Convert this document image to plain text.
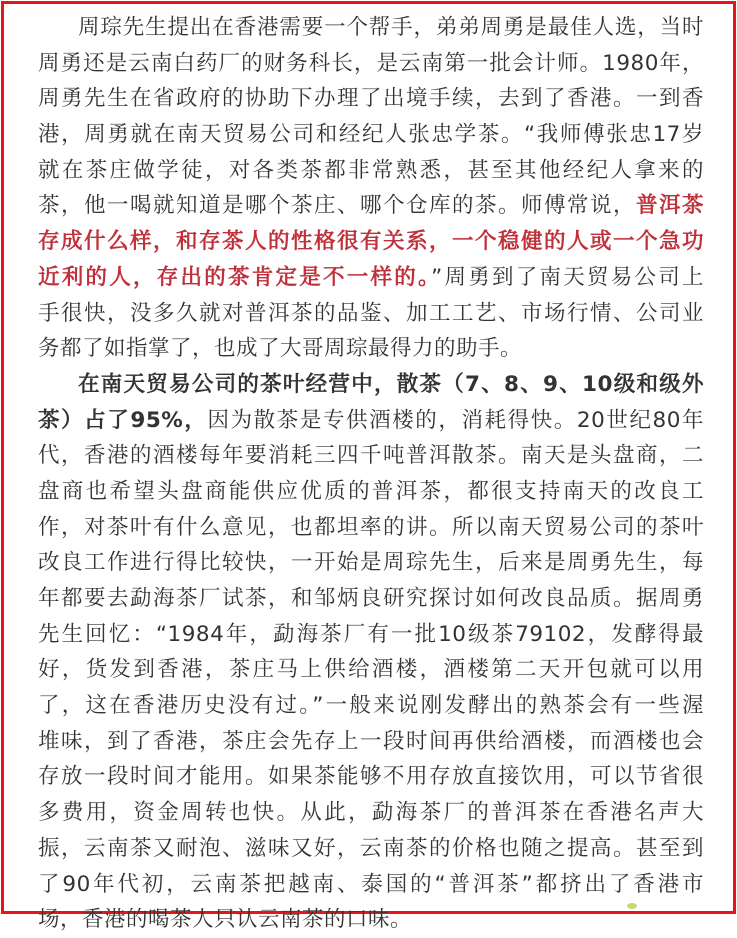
周琮先生提出在香港需要一个帮手，弟弟周勇是最佳人选，当时
周勇还是云南白药厂的财务科长，是云南第一批会计师。1980年，
周勇先生在省政府的协助下办理了出境手续，去到了香港。一到香
港，周勇就在南天贸易公司和经纪人张忠学茶。“我师傅张忠17岁
就在茶庄做学徒，对各类茶都非常熟悉，甚至其他经纪人拿来的
茶，他一喝就知道是哪个茶庄、哪个仓库的茶。师傅常说，普洱茶
存成什么样，和存茶人的性格很有关系，一个稳健的人或一个急功
近利的人，存出的茶肯定是不一样的。”周勇到了南天贸易公司上
手很快，没多久就对普洱茶的品鉴、加工工艺、市场行情、公司业
务都了如指掌了，也成了大哥周琮最得力的助手。
在南天贸易公司的茶叶经营中，散茶（7、8、9、10级和级外
茶）占了95%，因为散茶是专供酒楼的，消耗得快。20世纪80年
代，香港的酒楼每年要消耗三四千吨普洱散茶。南天是头盘商，二
盘商也希望头盘商能供应优质的普洱茶，都很支持南天的改良工
作，对茶叶有什么意见，也都坦率的讲。所以南天贸易公司的茶叶
改良工作进行得比较快，一开始是周琮先生，后来是周勇先生，每
年都要去勐海茶厂试茶，和邹炳良研究探讨如何改良品质。据周勇
先生回忆：“1984年，勐海茶厂有一批10级茶79102，发酵得最
好，货发到香港，茶庄马上供给酒楼，酒楼第二天开包就可以用
了，这在香港历史没有过。”一般来说刚发酵出的熟茶会有一些渥
堆味，到了香港，茶庄会先存上一段时间再供给酒楼，而酒楼也会
存放一段时间才能用。如果茶能够不用存放直接饮用，可以节省很
多费用，资金周转也快。从此，勐海茶厂的普洱茶在香港名声大
振，云南茶又耐泡、滋味又好，云南茶的价格也随之提高。甚至到
了90年代初，云南茶把越南、泰国的“普洱茶”都挤出了香港市
场，香港的喝茶人只认云南茶的口味。
